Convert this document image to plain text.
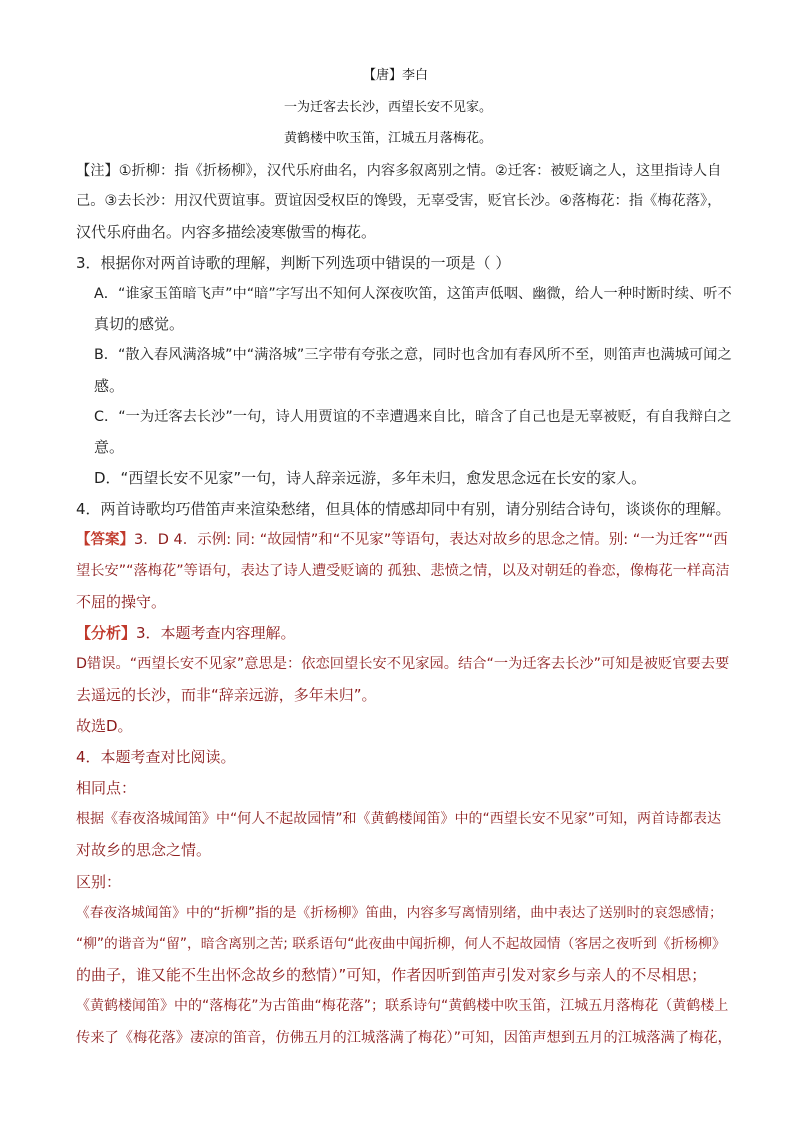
【唐】李白
一为迁客去长沙，西望长安不见家。
黄鹤楼中吹玉笛，江城五月落梅花。
【注】①折柳：指《折杨柳》，汉代乐府曲名，内容多叙离别之情。②迁客：被贬谪之人，这里指诗人自
己。③去长沙：用汉代贾谊事。贾谊因受权臣的馋毁，无辜受害，贬官长沙。④落梅花：指《梅花落》，
汉代乐府曲名。内容多描绘凌寒傲雪的梅花。
3．根据你对两首诗歌的理解，判断下列选项中错误的一项是（ ）
A．“谁家玉笛暗飞声”中“暗”字写出不知何人深夜吹笛，这笛声低咽、幽微，给人一种时断时续、听不
真切的感觉。
B．“散入春风满洛城”中“满洛城”三字带有夸张之意，同时也含加有春风所不至，则笛声也满城可闻之
感。
C．“一为迁客去长沙”一句，诗人用贾谊的不幸遭遇来自比，暗含了自己也是无辜被贬，有自我辩白之
意。
D．“西望长安不见家”一句，诗人辞亲远游，多年未归，愈发思念远在长安的家人。
4．两首诗歌均巧借笛声来渲染愁绪，但具体的情感却同中有别，请分别结合诗句，谈谈你的理解。
【答案】3．D 4．示例: 同: “故园情”和“不见家”等语句，表达对故乡的思念之情。别: “一为迁客”“西
望长安”“落梅花”等语句，表达了诗人遭受贬谪的 孤独、悲愤之情，以及对朝廷的眷恋，像梅花一样高洁
不屈的操守。
【分析】3．本题考查内容理解。
D错误。“西望长安不见家”意思是：依恋回望长安不见家园。结合“一为迁客去长沙”可知是被贬官要去要
去遥远的长沙，而非“辞亲远游，多年未归”。
故选D。
4．本题考查对比阅读。
相同点：
根据《春夜洛城闻笛》中“何人不起故园情”和《黄鹤楼闻笛》中的“西望长安不见家”可知，两首诗都表达
对故乡的思念之情。
区别：
《春夜洛城闻笛》中的“折柳”指的是《折杨柳》笛曲，内容多写离情别绪，曲中表达了送别时的哀怨感情；
“柳”的谐音为“留”，暗含离别之苦; 联系语句“此夜曲中闻折柳，何人不起故园情（客居之夜听到《折杨柳》
的曲子，谁又能不生出怀念故乡的愁情）”可知，作者因听到笛声引发对家乡与亲人的不尽相思；
《黄鹤楼闻笛》中的“落梅花”为古笛曲“梅花落”；联系诗句“黄鹤楼中吹玉笛，江城五月落梅花（黄鹤楼上
传来了《梅花落》凄凉的笛音，仿佛五月的江城落满了梅花）”可知，因笛声想到五月的江城落满了梅花，
